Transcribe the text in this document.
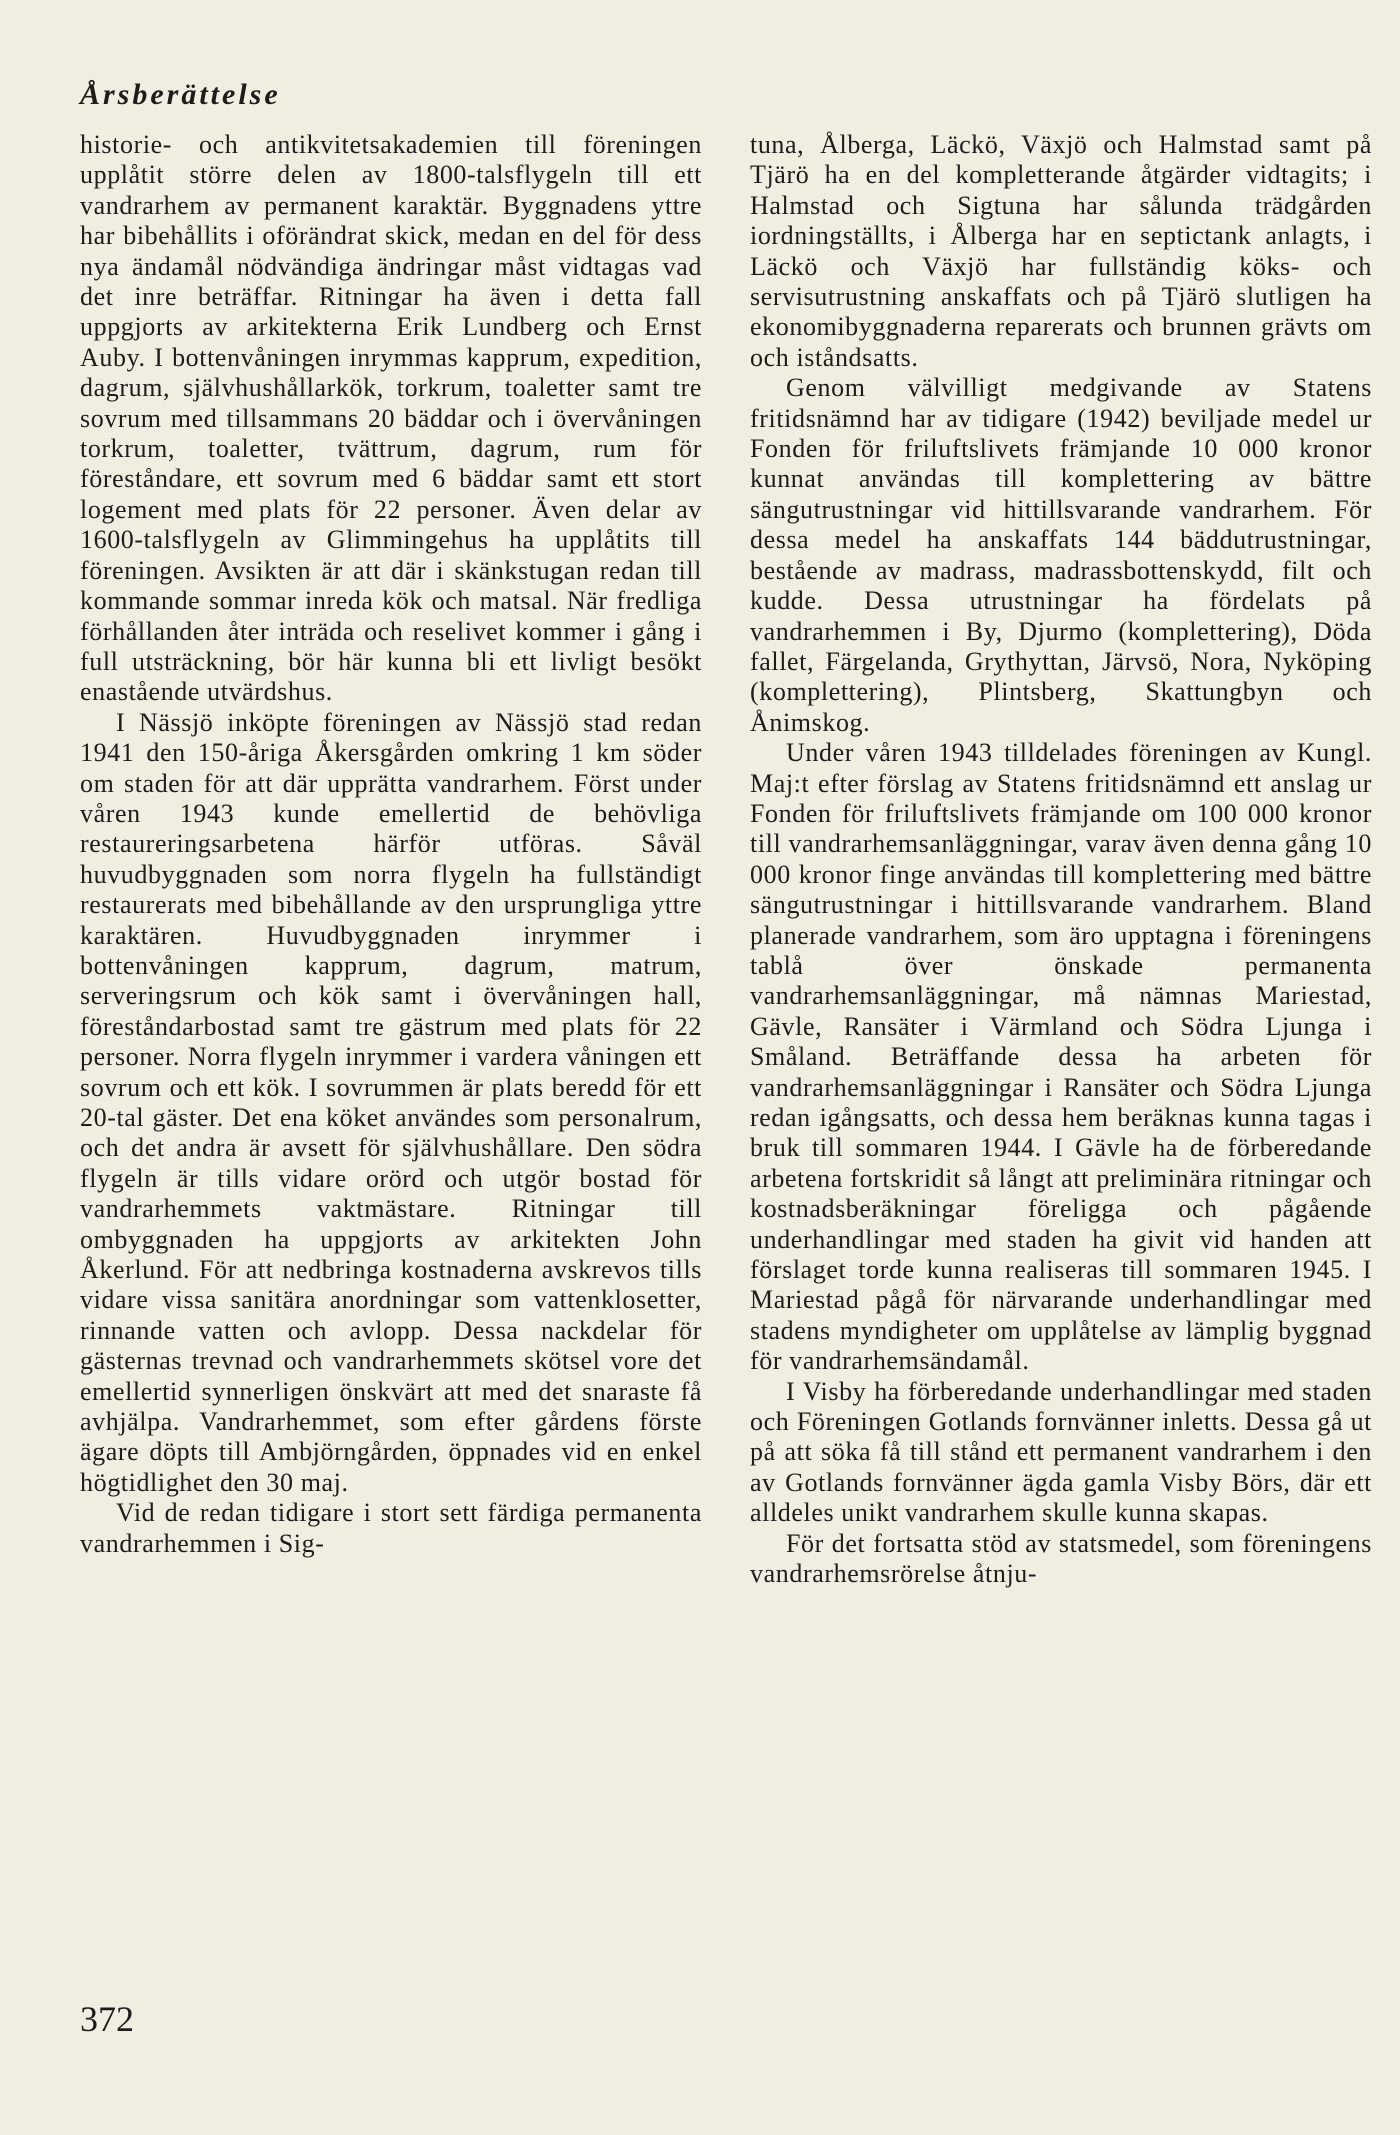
Årsberättelse

historie- och antikvitetsakademien till föreningen upplåtit större delen av 1800-talsflygeln till ett vandrarhem av permanent karaktär. Byggnadens yttre har bibehållits i oförändrat skick, medan en del för dess nya ändamål nödvändiga ändringar måst vidtagas vad det inre beträffar. Ritningar ha även i detta fall uppgjorts av arkitekterna Erik Lundberg och Ernst Auby. I bottenvåningen inrymmas kapprum, expedition, dagrum, självhushållarkök, torkrum, toaletter samt tre sovrum med tillsammans 20 bäddar och i övervåningen torkrum, toaletter, tvättrum, dagrum, rum för föreståndare, ett sovrum med 6 bäddar samt ett stort logement med plats för 22 personer. Även delar av 1600-talsflygeln av Glimmingehus ha upplåtits till föreningen. Avsikten är att där i skänkstugan redan till kommande sommar inreda kök och matsal. När fredliga förhållanden åter inträda och reselivet kommer i gång i full utsträckning, bör här kunna bli ett livligt besökt enastående utvärdshus.

I Nässjö inköpte föreningen av Nässjö stad redan 1941 den 150-åriga Åkersgården omkring 1 km söder om staden för att där upprätta vandrarhem. Först under våren 1943 kunde emellertid de behövliga restaureringsarbetena härför utföras. Såväl huvudbyggnaden som norra flygeln ha fullständigt restaurerats med bibehållande av den ursprungliga yttre karaktären. Huvudbyggnaden inrymmer i bottenvåningen kapprum, dagrum, matrum, serveringsrum och kök samt i övervåningen hall, föreståndarbostad samt tre gästrum med plats för 22 personer. Norra flygeln inrymmer i vardera våningen ett sovrum och ett kök. I sovrummen är plats beredd för ett 20-tal gäster. Det ena köket användes som personalrum, och det andra är avsett för självhushållare. Den södra flygeln är tills vidare orörd och utgör bostad för vandrarhemmets vaktmästare. Ritningar till ombyggnaden ha uppgjorts av arkitekten John Åkerlund. För att nedbringa kostnaderna avskrevos tills vidare vissa sanitära anordningar som vattenklosetter, rinnande vatten och avlopp. Dessa nackdelar för gästernas trevnad och vandrarhemmets skötsel vore det emellertid synnerligen önskvärt att med det snaraste få avhjälpa. Vandrarhemmet, som efter gårdens förste ägare döpts till Ambjörngården, öppnades vid en enkel högtidlighet den 30 maj.

Vid de redan tidigare i stort sett färdiga permanenta vandrarhemmen i Sig-

tuna, Ålberga, Läckö, Växjö och Halmstad samt på Tjärö ha en del kompletterande åtgärder vidtagits; i Halmstad och Sigtuna har sålunda trädgården iordningställts, i Ålberga har en septictank anlagts, i Läckö och Växjö har fullständig köks- och servisutrustning anskaffats och på Tjärö slutligen ha ekonomibyggnaderna reparerats och brunnen grävts om och iståndsatts.

Genom välvilligt medgivande av Statens fritidsnämnd har av tidigare (1942) beviljade medel ur Fonden för friluftslivets främjande 10 000 kronor kunnat användas till komplettering av bättre sängutrustningar vid hittillsvarande vandrarhem. För dessa medel ha anskaffats 144 bäddutrustningar, bestående av madrass, madrassbottenskydd, filt och kudde. Dessa utrustningar ha fördelats på vandrarhemmen i By, Djurmo (komplettering), Döda fallet, Färgelanda, Grythyttan, Järvsö, Nora, Nyköping (komplettering), Plintsberg, Skattungbyn och Ånimskog.

Under våren 1943 tilldelades föreningen av Kungl. Maj:t efter förslag av Statens fritidsnämnd ett anslag ur Fonden för friluftslivets främjande om 100 000 kronor till vandrarhemsanläggningar, varav även denna gång 10 000 kronor finge användas till komplettering med bättre sängutrustningar i hittillsvarande vandrarhem. Bland planerade vandrarhem, som äro upptagna i föreningens tablå över önskade permanenta vandrarhemsanläggningar, må nämnas Mariestad, Gävle, Ransäter i Värmland och Södra Ljunga i Småland. Beträffande dessa ha arbeten för vandrarhemsanläggningar i Ransäter och Södra Ljunga redan igångsatts, och dessa hem beräknas kunna tagas i bruk till sommaren 1944. I Gävle ha de förberedande arbetena fortskridit så långt att preliminära ritningar och kostnadsberäkningar föreligga och pågående underhandlingar med staden ha givit vid handen att förslaget torde kunna realiseras till sommaren 1945. I Mariestad pågå för närvarande underhandlingar med stadens myndigheter om upplåtelse av lämplig byggnad för vandrarhemsändamål.

I Visby ha förberedande underhandlingar med staden och Föreningen Gotlands fornvänner inletts. Dessa gå ut på att söka få till stånd ett permanent vandrarhem i den av Gotlands fornvänner ägda gamla Visby Börs, där ett alldeles unikt vandrarhem skulle kunna skapas.

För det fortsatta stöd av statsmedel, som föreningens vandrarhemsrörelse åtnju-

372
